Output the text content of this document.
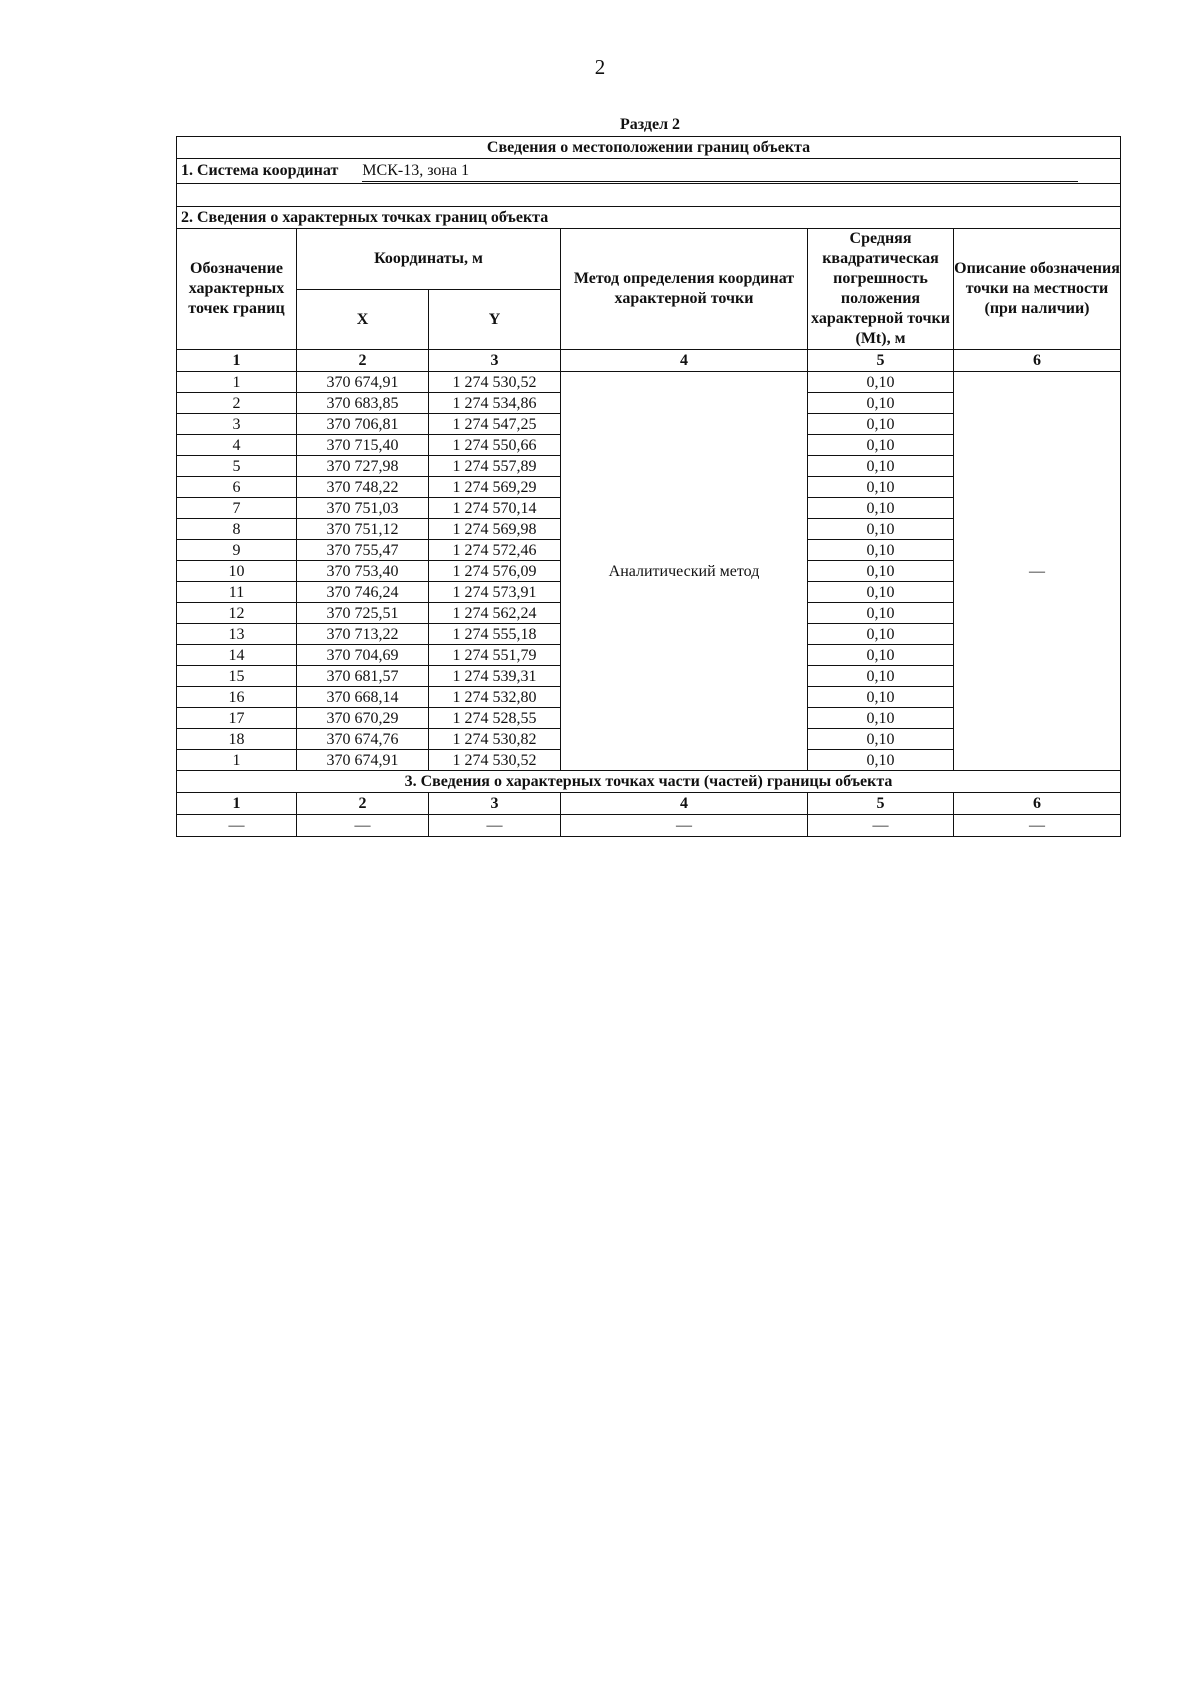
2
Раздел 2
Сведения о местоположении границ объекта					
1. Система координат МСК-13, зона 1					

2. Сведения о характерных точках границ объекта					
Обозначение характерных точек границ	Координаты, м		Метод определения координат характерной точки	Средняя квадратическая погрешность положения характерной точки (Mt), м	Описание обозначения точки на местности (при наличии)
	X	Y			
1	2	3	4	5	6
1	370 674,91	1 274 530,52	Аналитический метод	0,10	—
2	370 683,85	1 274 534,86		0,10	
3	370 706,81	1 274 547,25		0,10	
4	370 715,40	1 274 550,66		0,10	
5	370 727,98	1 274 557,89		0,10	
6	370 748,22	1 274 569,29		0,10	
7	370 751,03	1 274 570,14		0,10	
8	370 751,12	1 274 569,98		0,10	
9	370 755,47	1 274 572,46		0,10	
10	370 753,40	1 274 576,09		0,10	
11	370 746,24	1 274 573,91		0,10	
12	370 725,51	1 274 562,24		0,10	
13	370 713,22	1 274 555,18		0,10	
14	370 704,69	1 274 551,79		0,10	
15	370 681,57	1 274 539,31		0,10	
16	370 668,14	1 274 532,80		0,10	
17	370 670,29	1 274 528,55		0,10	
18	370 674,76	1 274 530,82		0,10	
1	370 674,91	1 274 530,52		0,10	
3. Сведения о характерных точках части (частей) границы объекта					
1	2	3	4	5	6
—	—	—	—	—	—
